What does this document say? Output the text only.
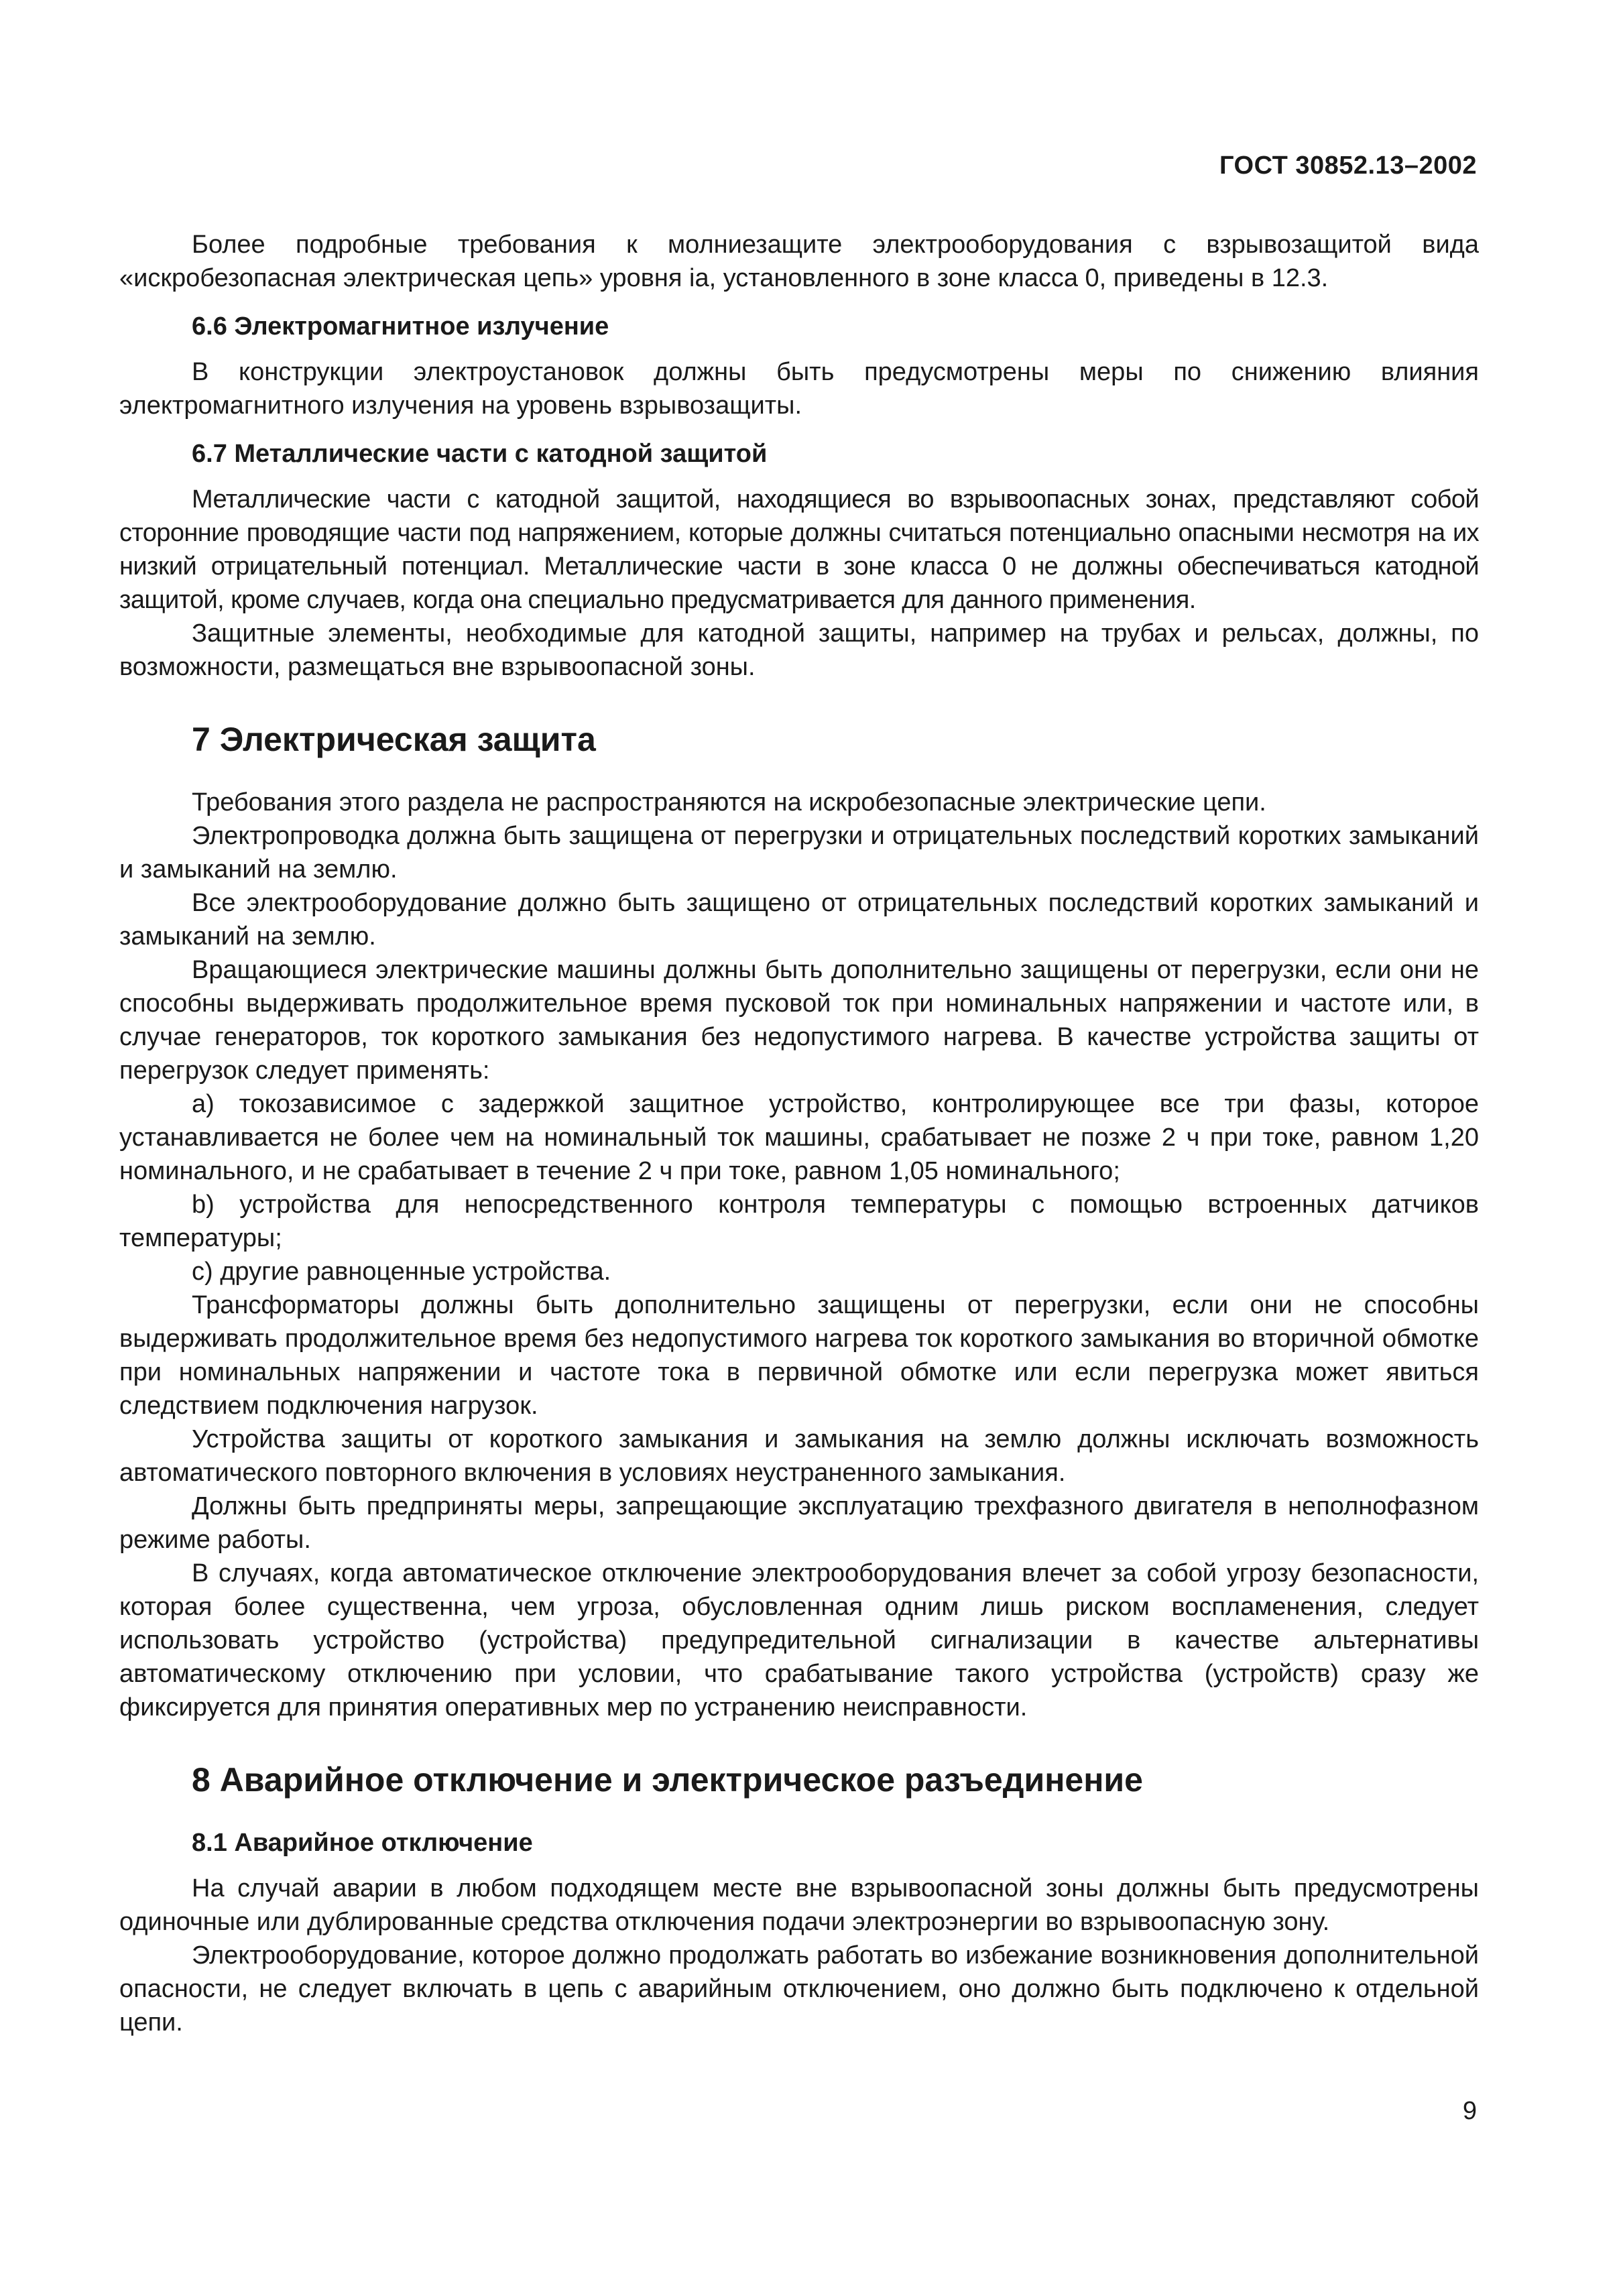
ГОСТ 30852.13–2002

Более подробные требования к молниезащите электрооборудования с взрывозащитой вида «искробезопасная электрическая цепь» уровня ia, установленного в зоне класса 0, приведены в 12.3.

6.6 Электромагнитное излучение

В конструкции электроустановок должны быть предусмотрены меры по снижению влияния электромагнитного излучения на уровень взрывозащиты.

6.7 Металлические части с катодной защитой

Металлические части с катодной защитой, находящиеся во взрывоопасных зонах, представляют собой сторонние проводящие части под напряжением, которые должны считаться потенциально опасными несмотря на их низкий отрицательный потенциал. Металлические части в зоне класса 0 не должны обеспечиваться катодной защитой, кроме случаев, когда она специально предусматривается для данного применения.

Защитные элементы, необходимые для катодной защиты, например на трубах и рельсах, должны, по возможности, размещаться вне взрывоопасной зоны.

7 Электрическая защита

Требования этого раздела не распространяются на искробезопасные электрические цепи.

Электропроводка должна быть защищена от перегрузки и отрицательных последствий коротких замыканий и замыканий на землю.

Все электрооборудование должно быть защищено от отрицательных последствий коротких замыканий и замыканий на землю.

Вращающиеся электрические машины должны быть дополнительно защищены от перегрузки, если они не способны выдерживать продолжительное время пусковой ток при номинальных напряжении и частоте или, в случае генераторов, ток короткого замыкания без недопустимого нагрева. В качестве устройства защиты от перегрузок следует применять:

a) токозависимое с задержкой защитное устройство, контролирующее все три фазы, которое устанавливается не более чем на номинальный ток машины, срабатывает не позже 2 ч при токе, равном 1,20 номинального, и не срабатывает в течение 2 ч при токе, равном 1,05 номинального;

b) устройства для непосредственного контроля температуры с помощью встроенных датчиков температуры;

c) другие равноценные устройства.

Трансформаторы должны быть дополнительно защищены от перегрузки, если они не способны выдерживать продолжительное время без недопустимого нагрева ток короткого замыкания во вторичной обмотке при номинальных напряжении и частоте тока в первичной обмотке или если перегрузка может явиться следствием подключения нагрузок.

Устройства защиты от короткого замыкания и замыкания на землю должны исключать возможность автоматического повторного включения в условиях неустраненного замыкания.

Должны быть предприняты меры, запрещающие эксплуатацию трехфазного двигателя в неполнофазном режиме работы.

В случаях, когда автоматическое отключение электрооборудования влечет за собой угрозу безопасности, которая более существенна, чем угроза, обусловленная одним лишь риском воспламенения, следует использовать устройство (устройства) предупредительной сигнализации в качестве альтернативы автоматическому отключению при условии, что срабатывание такого устройства (устройств) сразу же фиксируется для принятия оперативных мер по устранению неисправности.

8 Аварийное отключение и электрическое разъединение
8.1 Аварийное отключение

На случай аварии в любом подходящем месте вне взрывоопасной зоны должны быть предусмотрены одиночные или дублированные средства отключения подачи электроэнергии во взрывоопасную зону.

Электрооборудование, которое должно продолжать работать во избежание возникновения дополнительной опасности, не следует включать в цепь с аварийным отключением, оно должно быть подключено к отдельной цепи.

9
